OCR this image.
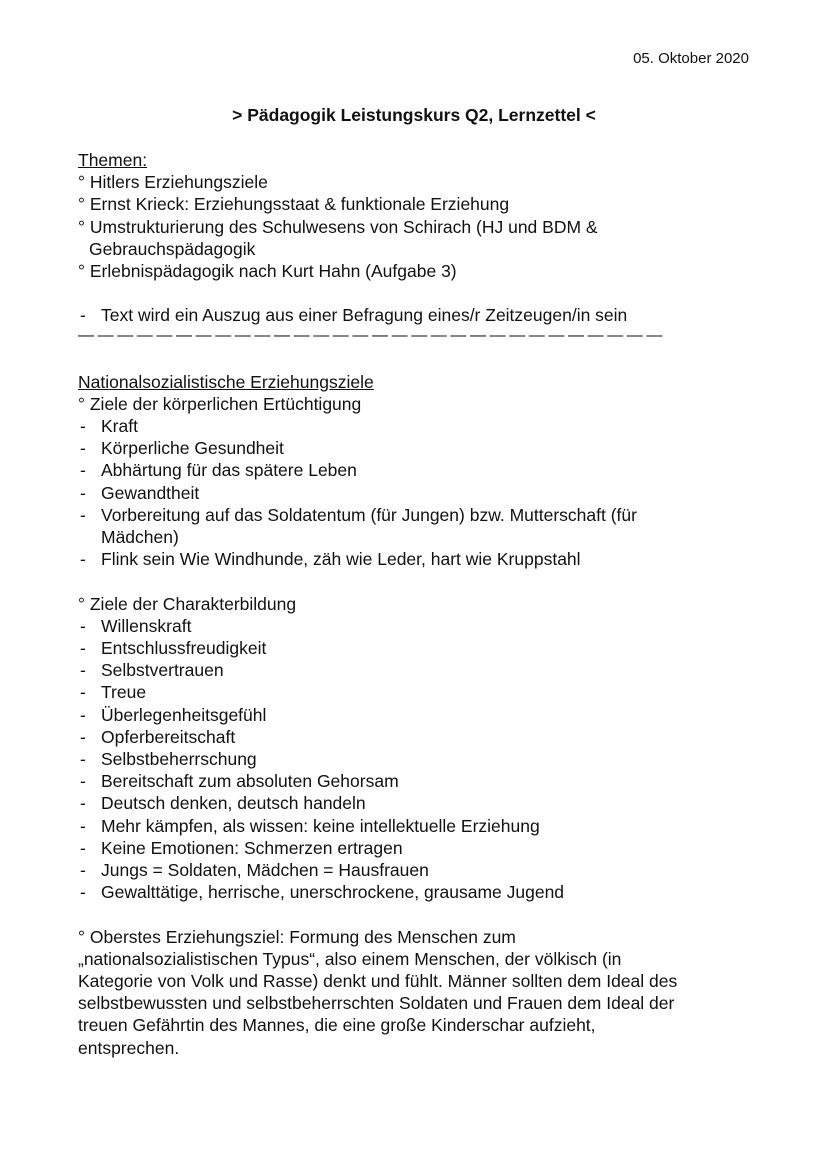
05. Oktober 2020
> Pädagogik Leistungskurs Q2, Lernzettel <
Themen:
° Hitlers Erziehungsziele
° Ernst Krieck: Erziehungsstaat & funktionale Erziehung
° Umstrukturierung des Schulwesens von Schirach (HJ und BDM &
Gebrauchspädagogik
° Erlebnispädagogik nach Kurt Hahn (Aufgabe 3)
- Text wird ein Auszug aus einer Befragung eines/r Zeitzeugen/in sein
——————————————————————————————
Nationalsozialistische Erziehungsziele
° Ziele der körperlichen Ertüchtigung
- Kraft
- Körperliche Gesundheit
- Abhärtung für das spätere Leben
- Gewandtheit
- Vorbereitung auf das Soldatentum (für Jungen) bzw. Mutterschaft (für
Mädchen)
- Flink sein Wie Windhunde, zäh wie Leder, hart wie Kruppstahl
° Ziele der Charakterbildung
- Willenskraft
- Entschlussfreudigkeit
- Selbstvertrauen
- Treue
- Überlegenheitsgefühl
- Opferbereitschaft
- Selbstbeherrschung
- Bereitschaft zum absoluten Gehorsam
- Deutsch denken, deutsch handeln
- Mehr kämpfen, als wissen: keine intellektuelle Erziehung
- Keine Emotionen: Schmerzen ertragen
- Jungs = Soldaten, Mädchen = Hausfrauen
- Gewalttätige, herrische, unerschrockene, grausame Jugend
° Oberstes Erziehungsziel: Formung des Menschen zum
„nationalsozialistischen Typus“, also einem Menschen, der völkisch (in
Kategorie von Volk und Rasse) denkt und fühlt. Männer sollten dem Ideal des
selbstbewussten und selbstbeherrschten Soldaten und Frauen dem Ideal der
treuen Gefährtin des Mannes, die eine große Kinderschar aufzieht,
entsprechen.
